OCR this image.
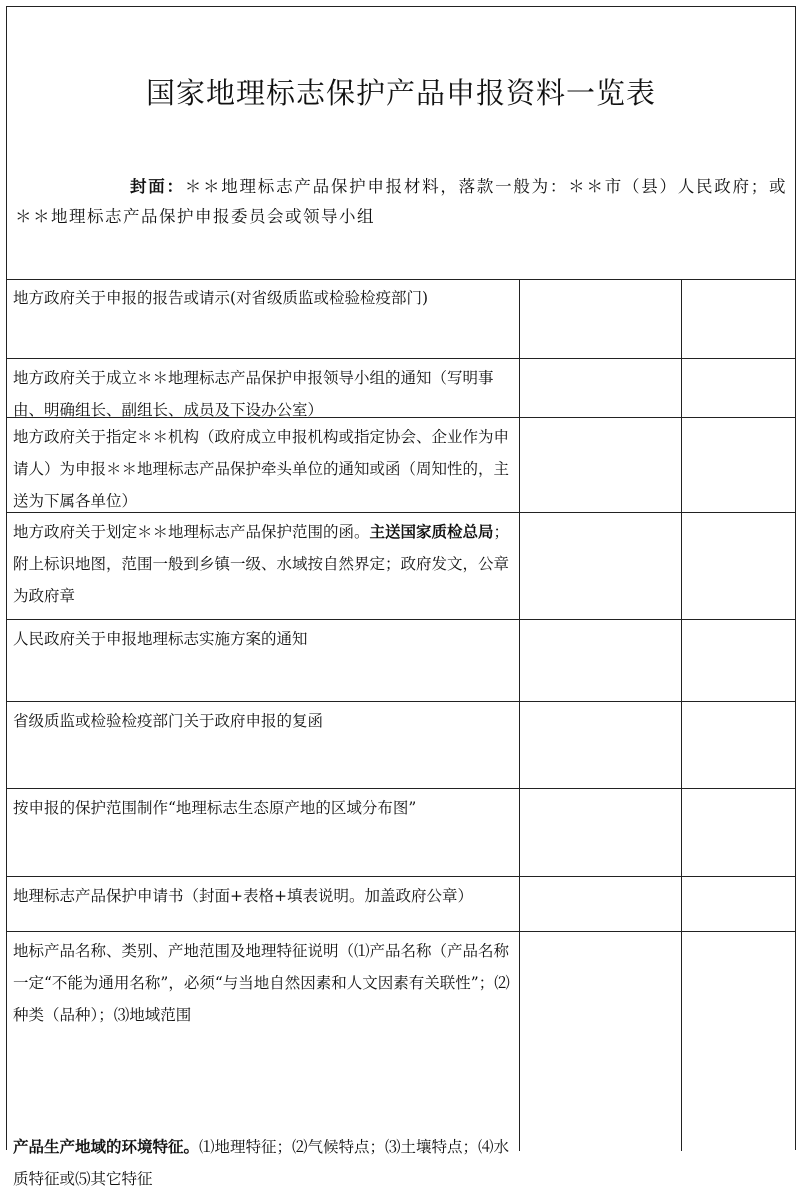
国家地理标志保护产品申报资料一览表
封面：＊＊地理标志产品保护申报材料，落款一般为：＊＊市（县）人民政府；或＊＊地理标志产品保护申报委员会或领导小组
地方政府关于申报的报告或请示(对省级质监或检验检疫部门)
地方政府关于成立＊＊地理标志产品保护申报领导小组的通知（写明事由、明确组长、副组长、成员及下设办公室）
地方政府关于指定＊＊机构（政府成立申报机构或指定协会、企业作为申请人）为申报＊＊地理标志产品保护牵头单位的通知或函（周知性的，主送为下属各单位）
地方政府关于划定＊＊地理标志产品保护范围的函。主送国家质检总局；附上标识地图，范围一般到乡镇一级、水域按自然界定；政府发文，公章为政府章
人民政府关于申报地理标志实施方案的通知
省级质监或检验检疫部门关于政府申报的复函
按申报的保护范围制作“地理标志生态原产地的区域分布图”
地理标志产品保护申请书（封面+表格+填表说明。加盖政府公章）
地标产品名称、类别、产地范围及地理特征说明（⑴产品名称（产品名称一定“不能为通用名称”，必须“与当地自然因素和人文因素有关联性”；⑵种类（品种）；⑶地域范围
产品生产地域的环境特征。⑴地理特征；⑵气候特点；⑶土壤特点；⑷水质特征或⑸其它特征
